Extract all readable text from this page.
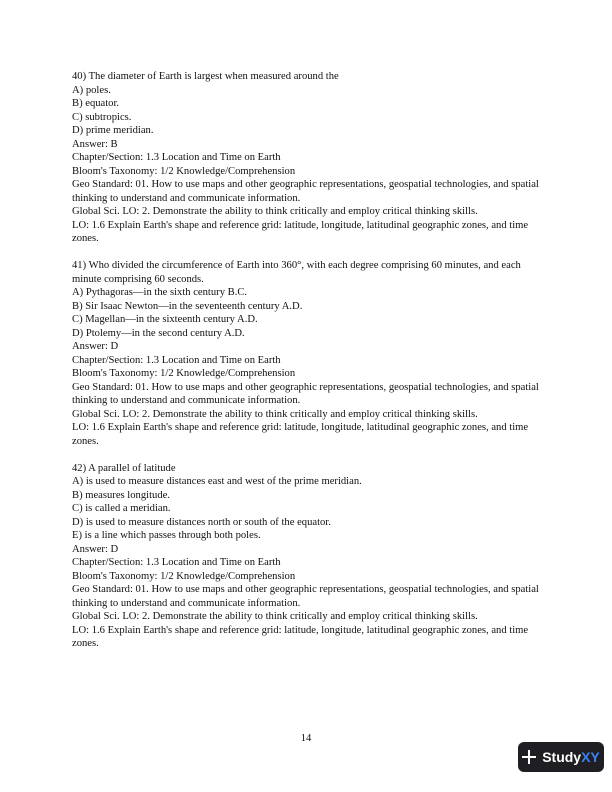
40) The diameter of Earth is largest when measured around the
A) poles.
B) equator.
C) subtropics.
D) prime meridian.
Answer: B
Chapter/Section: 1.3 Location and Time on Earth
Bloom's Taxonomy: 1/2 Knowledge/Comprehension
Geo Standard: 01. How to use maps and other geographic representations, geospatial technologies, and spatial thinking to understand and communicate information.
Global Sci. LO: 2. Demonstrate the ability to think critically and employ critical thinking skills.
LO: 1.6 Explain Earth's shape and reference grid: latitude, longitude, latitudinal geographic zones, and time zones.
41) Who divided the circumference of Earth into 360°, with each degree comprising 60 minutes, and each minute comprising 60 seconds.
A) Pythagoras—in the sixth century B.C.
B) Sir Isaac Newton—in the seventeenth century A.D.
C) Magellan—in the sixteenth century A.D.
D) Ptolemy—in the second century A.D.
Answer: D
Chapter/Section: 1.3 Location and Time on Earth
Bloom's Taxonomy: 1/2 Knowledge/Comprehension
Geo Standard: 01. How to use maps and other geographic representations, geospatial technologies, and spatial thinking to understand and communicate information.
Global Sci. LO: 2. Demonstrate the ability to think critically and employ critical thinking skills.
LO: 1.6 Explain Earth's shape and reference grid: latitude, longitude, latitudinal geographic zones, and time zones.
42) A parallel of latitude
A) is used to measure distances east and west of the prime meridian.
B) measures longitude.
C) is called a meridian.
D) is used to measure distances north or south of the equator.
E) is a line which passes through both poles.
Answer: D
Chapter/Section: 1.3 Location and Time on Earth
Bloom's Taxonomy: 1/2 Knowledge/Comprehension
Geo Standard: 01. How to use maps and other geographic representations, geospatial technologies, and spatial thinking to understand and communicate information.
Global Sci. LO: 2. Demonstrate the ability to think critically and employ critical thinking skills.
LO: 1.6 Explain Earth's shape and reference grid: latitude, longitude, latitudinal geographic zones, and time zones.
14
StudyXY
